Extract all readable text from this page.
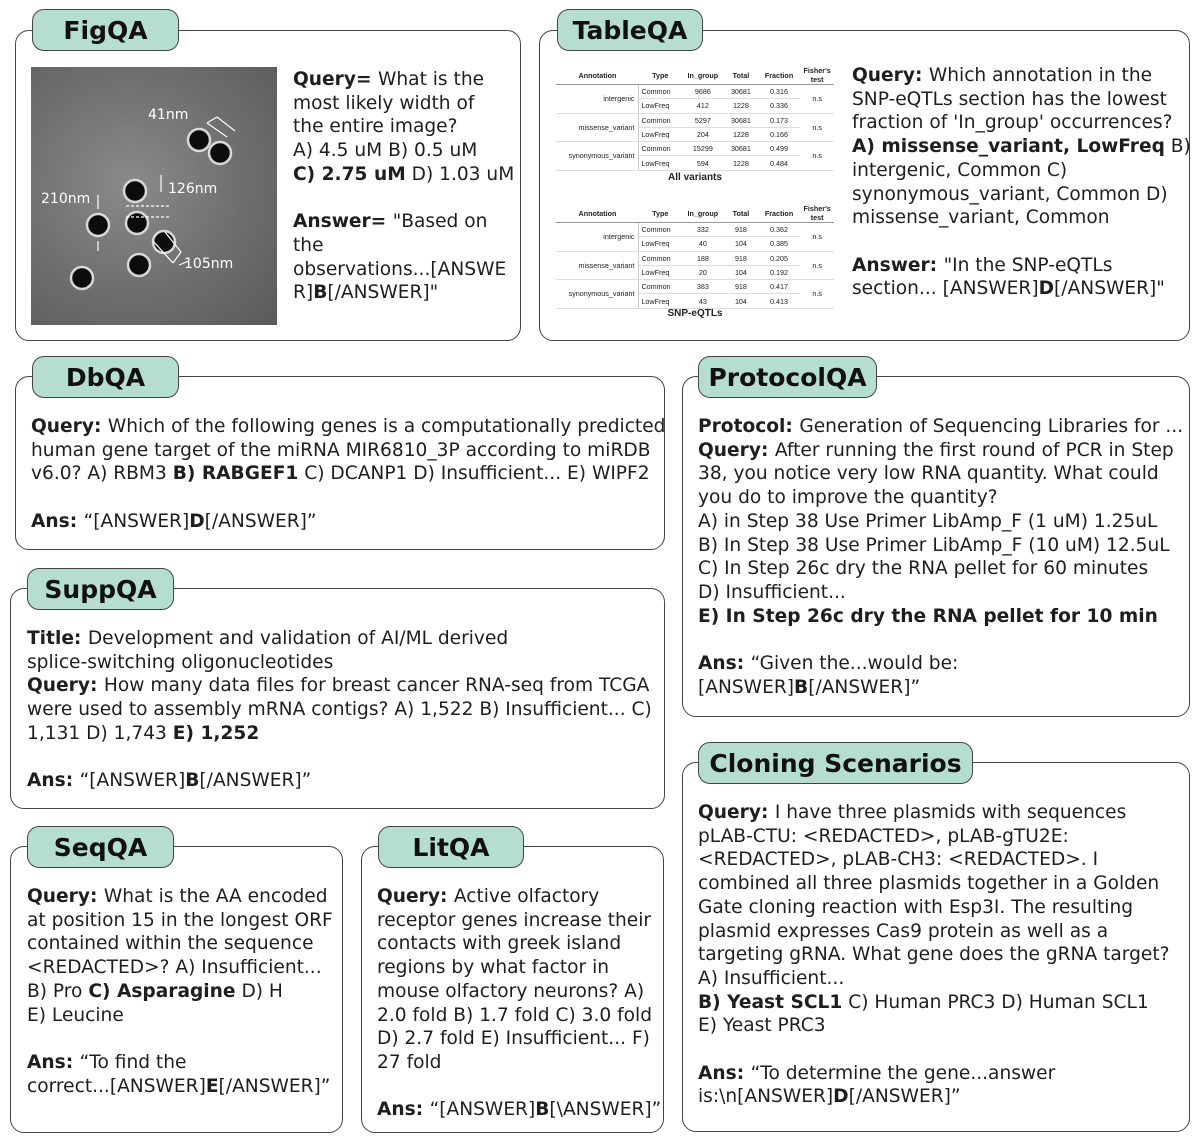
FigQA
41nm
210nm
126nm
105nm
Query= What is the
most likely width of
the entire image?
A) 4.5 uM B) 0.5 uM
C) 2.75 uM D) 1.03 uM
Answer= "Based on
the
observations...[ANSWE
R]B[/ANSWER]"
TableQA
Annotation	Type	In_group	Total	Fraction	Fisher's test
intergenic	Common	9686	30681	0.316	n.s
	LowFreq	412	1228	0.336	
missense_variant	Common	5297	30681	0.173	n.s
	LowFreq	204	1228	0.166	
synonymous_variant	Common	15299	30681	0.499	n.s
	LowFreq	594	1228	0.484	
All variants
Annotation	Type	In_group	Total	Fraction	Fisher's test
intergenic	Common	332	918	0.362	n.s
	LowFreq	40	104	0.385	
missense_variant	Common	188	918	0.205	n.s
	LowFreq	20	104	0.192	
synonymous_variant	Common	383	918	0.417	n.s
	LowFreq	43	104	0.413	
SNP-eQTLs
Query: Which annotation in the
SNP-eQTLs section has the lowest
fraction of 'In_group' occurrences?
A) missense_variant, LowFreq B)
intergenic, Common C)
synonymous_variant, Common D)
missense_variant, Common
Answer: "In the SNP-eQTLs
section... [ANSWER]D[/ANSWER]"
DbQA
Query: Which of the following genes is a computationally predicted
human gene target of the miRNA MIR6810_3P according to miRDB
v6.0? A) RBM3 B) RABGEF1 C) DCANP1 D) Insufficient... E) WIPF2
Ans: “[ANSWER]D[/ANSWER]”
ProtocolQA
Protocol: Generation of Sequencing Libraries for ...
Query: After running the first round of PCR in Step
38, you notice very low RNA quantity. What could
you do to improve the quantity?
A) in Step 38 Use Primer LibAmp_F (1 uM) 1.25uL
B) In Step 38 Use Primer LibAmp_F (10 uM) 12.5uL
C) In Step 26c dry the RNA pellet for 60 minutes
D) Insufficient...
E) In Step 26c dry the RNA pellet for 10 min
Ans: “Given the...would be:
[ANSWER]B[/ANSWER]”
SuppQA
Title: Development and validation of AI/ML derived
splice-switching oligonucleotides
Query: How many data files for breast cancer RNA-seq from TCGA
were used to assembly mRNA contigs? A) 1,522 B) Insufficient... C)
1,131 D) 1,743 E) 1,252
Ans: “[ANSWER]B[/ANSWER]”
Cloning Scenarios
Query: I have three plasmids with sequences
pLAB-CTU: <REDACTED>, pLAB-gTU2E:
<REDACTED>, pLAB-CH3: <REDACTED>. I
combined all three plasmids together in a Golden
Gate cloning reaction with Esp3I. The resulting
plasmid expresses Cas9 protein as well as a
targeting gRNA. What gene does the gRNA target?
A) Insufficient...
B) Yeast SCL1 C) Human PRC3 D) Human SCL1
E) Yeast PRC3
Ans: “To determine the gene...answer
is:\n[ANSWER]D[/ANSWER]”
SeqQA
Query: What is the AA encoded
at position 15 in the longest ORF
contained within the sequence
<REDACTED>? A) Insufficient...
B) Pro C) Asparagine D) H
E) Leucine
Ans: “To find the
correct...[ANSWER]E[/ANSWER]”
LitQA
Query: Active olfactory
receptor genes increase their
contacts with greek island
regions by what factor in
mouse olfactory neurons? A)
2.0 fold B) 1.7 fold C) 3.0 fold
D) 2.7 fold E) Insufficient... F)
27 fold
Ans: “[ANSWER]B[\ANSWER]”
